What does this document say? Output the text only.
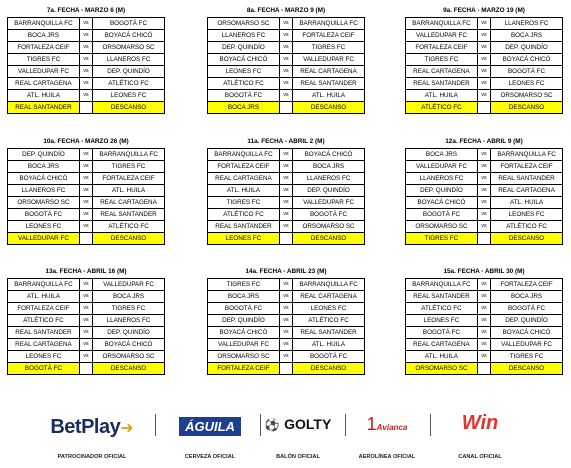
7a. FECHA - MARZO 6 (M)
BARRANQUILLA FC	vs	BOGOTÁ FC
BOCA JRS	vs	BOYACÁ CHICÓ
FORTALEZA CEIF	vs	ORSOMARSO SC
TIGRES FC	vs	LLANEROS FC
VALLEDUPAR FC	vs	DEP. QUINDÍO
REAL CARTAGENA	vs	ATLÉTICO FC
ATL. HUILA	vs	LEONES FC
REAL SANTANDER		DESCANSO
8a. FECHA - MARZO 9 (M)
ORSOMARSO SC	vs	BARRANQUILLA FC
LLANEROS FC	vs	FORTALEZA CEIF
DEP. QUINDÍO	vs	TIGRES FC
BOYACÁ CHICÓ	vs	VALLEDUPAR FC
LEONES FC	vs	REAL CARTAGENA
ATLÉTICO FC	vs	REAL SANTANDER
BOGOTÁ FC	vs	ATL. HUILA
BOCA JRS		DESCANSO
9a. FECHA - MARZO 19 (M)
BARRANQUILLA FC	vs	LLANEROS FC
VALLEDUPAR FC	vs	BOCA JRS
FORTALEZA CEIF	vs	DEP. QUINDÍO
TIGRES FC	vs	BOYACÁ CHICÓ
REAL CARTAGENA	vs	BOGOTÁ FC
REAL SANTANDER	vs	LEONES FC
ATL. HUILA	vs	ORSOMARSO SC
ATLÉTICO FC		DESCANSO
10a. FECHA - MARZO 26 (M)
DEP. QUINDÍO	vs	BARRANQUILLA FC
BOCA JRS	vs	TIGRES FC
BOYACÁ CHICÓ	vs	FORTALEZA CEIF
LLANEROS FC	vs	ATL. HUILA
ORSOMARSO SC	vs	REAL CARTAGENA
BOGOTÁ FC	vs	REAL SANTANDER
LEONES FC	vs	ATLÉTICO FC
VALLEDUPAR FC		DESCANSO
11a. FECHA - ABRIL 2 (M)
BARRANQUILLA FC	vs	BOYACÁ CHICÓ
FORTALEZA CEIF	vs	BOCA JRS
REAL CARTAGENA	vs	LLANEROS FC
ATL. HUILA	vs	DEP. QUINDÍO
TIGRES FC	vs	VALLEDUPAR FC
ATLÉTICO FC	vs	BOGOTÁ FC
REAL SANTANDER	vs	ORSOMARSO SC
LEONES FC		DESCANSO
12a. FECHA - ABRIL 9 (M)
BOCA JRS	vs	BARRANQUILLA FC
VALLEDUPAR FC	vs	FORTALEZA CEIF
LLANEROS FC	vs	REAL SANTANDER
DEP. QUINDÍO	vs	REAL CARTAGENA
BOYACÁ CHICÓ	vs	ATL. HUILA
BOGOTÁ FC	vs	LEONES FC
ORSOMARSO SC	vs	ATLÉTICO FC
TIGRES FC		DESCANSO
13a. FECHA - ABRIL 16 (M)
BARRANQUILLA FC	vs	VALLEDUPAR FC
ATL. HUILA	vs	BOCA JRS
FORTALEZA CEIF	vs	TIGRES FC
ATLÉTICO FC	vs	LLANEROS FC
REAL SANTANDER	vs	DEP. QUINDÍO
REAL CARTAGENA	vs	BOYACÁ CHICÓ
LEONES FC	vs	ORSOMARSO SC
BOGOTÁ FC		DESCANSO
14a. FECHA - ABRIL 23 (M)
TIGRES FC	vs	BARRANQUILLA FC
BOCA JRS	vs	REAL CARTAGENA
BOGOTÁ FC	vs	LEONES FC
DEP. QUINDÍO	vs	ATLÉTICO FC
BOYACÁ CHICÓ	vs	REAL SANTANDER
VALLEDUPAR FC	vs	ATL. HUILA
ORSOMARSO SC	vs	BOGOTÁ FC
FORTALEZA CEIF		DESCANSO
15a. FECHA - ABRIL 30 (M)
BARRANQUILLA FC	vs	FORTALEZA CEIF
REAL SANTANDER	vs	BOCA JRS
ATLÉTICO FC	vs	BOGOTÁ FC
LEONES FC	vs	DEP. QUINDÍO
BOGOTÁ FC	vs	BOYACÁ CHICÓ
REAL CARTAGENA	vs	VALLEDUPAR FC
ATL. HUILA	vs	TIGRES FC
ORSOMARSO SC		DESCANSO
BetPlay➜
PATROCINADOR OFICIAL
ÁGUILA
CERVEZA OFICIAL
⚽ GOLTY
BALÓN OFICIAL
1Avianca
AEROLÍNEA OFICIAL
Win
CANAL OFICIAL
